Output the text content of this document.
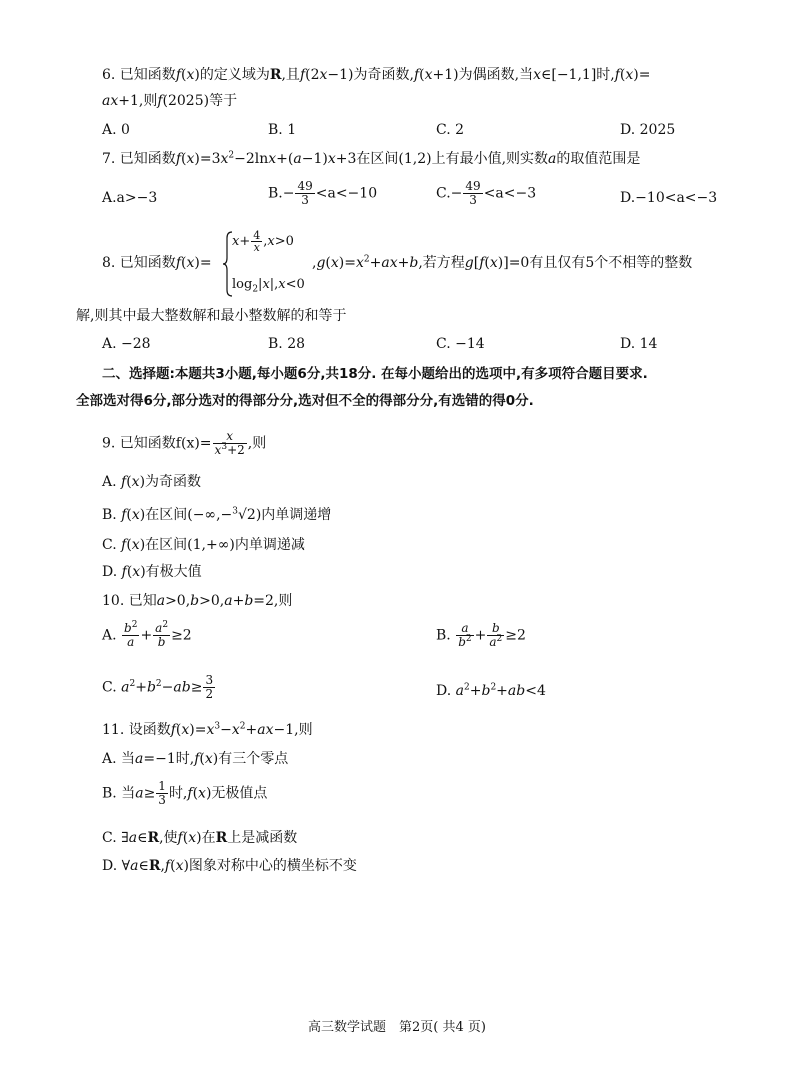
6. 已知函数f(x)的定义域为R,且f(2x−1)为奇函数,f(x+1)为偶函数,当x∈[−1,1]时,f(x)=
ax+1,则f(2025)等于
A. 0	B. 1	C. 2	D. 2025
7. 已知函数$f(x)=3x^2-2\ln x+(a-1)x+3$在区间(1,2)上有最小值,则实数a的取值范围是
A.a>−3	$B.- \frac{49}{3} <a<-10$	$C.- \frac{49}{3} <a<-3$	D.−10<a<−3
8. 已知函数f(x)=
$x+ \frac{4}{x} ,x>0$
$\log_2|x|,x<0$
$,g(x)=x^2+ax+b$,若方程g[f(x)]=0有且仅有5个不相等的整数
解,则其中最大整数解和最小整数解的和等于
A. −28	B. 28	C. −14	D. 14
二、选择题:本题共3小题,每小题6分,共18分. 在每小题给出的选项中,有多项符合题目要求.
全部选对得6分,部分选对的得部分分,选对但不全的得部分分,有选错的得0分.
9. 已知函数$f(x)= \frac{x}{x^3+2}$ ,则
A. f(x)为奇函数
B. f(x)在区间(−∞,−$^3$√2)内单调递增
C. f(x)在区间(1,+∞)内单调递减
D. f(x)有极大值
10. 已知a>0,b>0,a+b=2,则
A. $\frac{b^2}{a} + \frac{a^2}{b} \ge 2$	B. $\frac{a}{b^2} + \frac{b}{a^2} \ge 2$
C. $a^2+b^2-ab\ge \frac{3}{2}$	D. $a^2+b^2+ab<4$
11. 设函数$f(x)=x^3-x^2+ax-1$,则
A. 当a=−1时,f(x)有三个零点
B. 当$a\ge \frac{1}{3}$ 时,f(x)无极值点
C. ∃a∈R,使f(x)在R上是减函数
D. ∀a∈R,f(x)图象对称中心的横坐标不变
高三数学试题　第2页( 共4 页)
